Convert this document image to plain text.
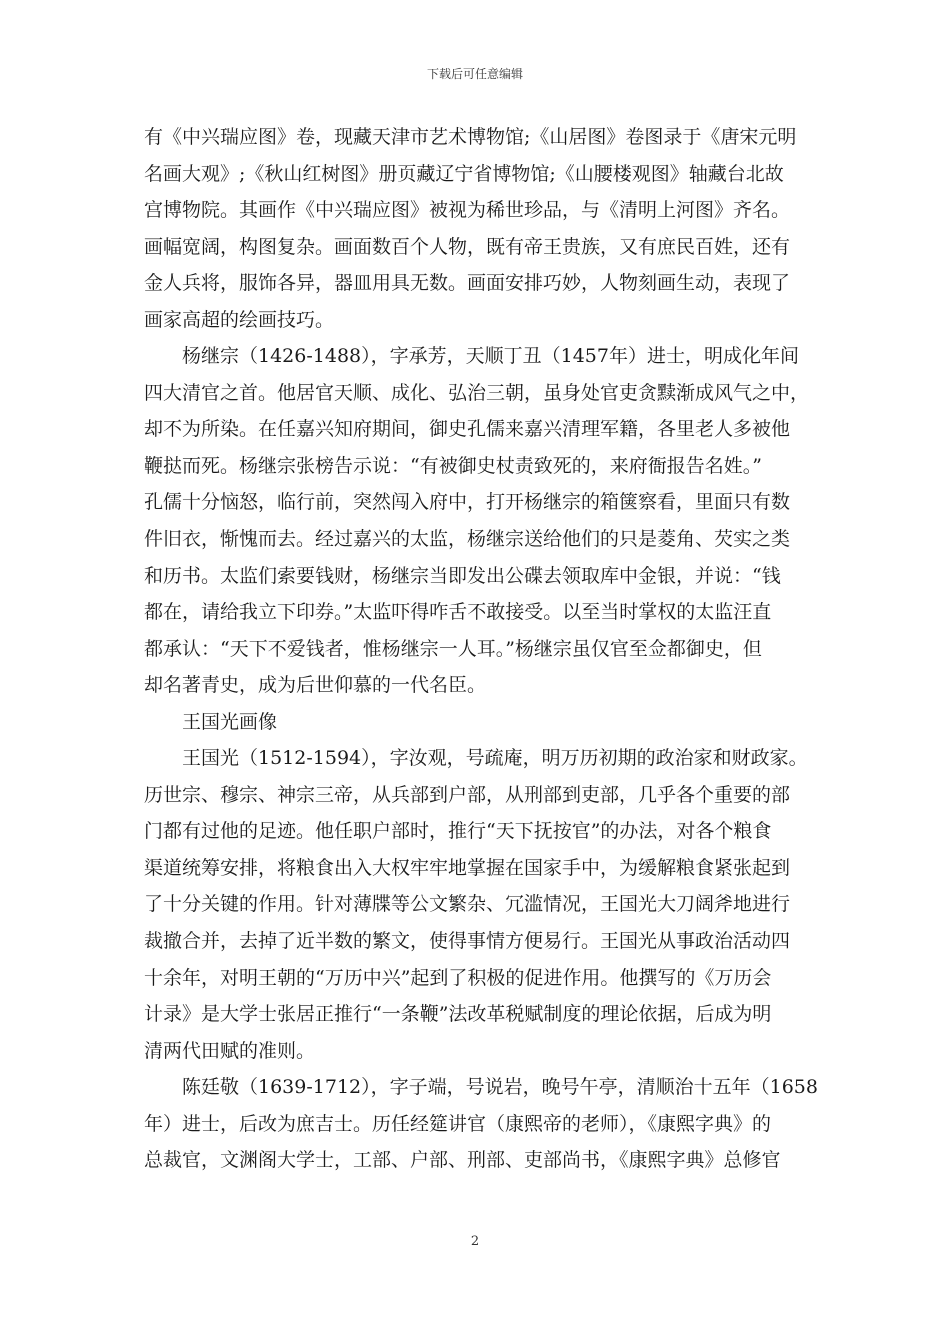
下载后可任意编辑
有《中兴瑞应图》卷，现藏天津市艺术博物馆;《山居图》卷图录于《唐宋元明
名画大观》;《秋山红树图》册页藏辽宁省博物馆;《山腰楼观图》轴藏台北故
宫博物院。其画作《中兴瑞应图》被视为稀世珍品，与《清明上河图》齐名。
画幅宽阔，构图复杂。画面数百个人物，既有帝王贵族，又有庶民百姓，还有
金人兵将，服饰各异，器皿用具无数。画面安排巧妙，人物刻画生动，表现了
画家高超的绘画技巧。
杨继宗（1426-1488），字承芳，天顺丁丑（1457年）进士，明成化年间
四大清官之首。他居官天顺、成化、弘治三朝，虽身处官吏贪黩渐成风气之中，
却不为所染。在任嘉兴知府期间，御史孔儒来嘉兴清理军籍，各里老人多被他
鞭挞而死。杨继宗张榜告示说：“有被御史杖责致死的，来府衙报告名姓。”
孔儒十分恼怒，临行前，突然闯入府中，打开杨继宗的箱箧察看，里面只有数
件旧衣，惭愧而去。经过嘉兴的太监，杨继宗送给他们的只是菱角、芡实之类
和历书。太监们索要钱财，杨继宗当即发出公碟去领取库中金银，并说：“钱
都在，请给我立下印券。”太监吓得咋舌不敢接受。以至当时掌权的太监汪直
都承认：“天下不爱钱者，惟杨继宗一人耳。”杨继宗虽仅官至佥都御史，但
却名著青史，成为后世仰慕的一代名臣。
王国光画像
王国光（1512-1594），字汝观，号疏庵，明万历初期的政治家和财政家。
历世宗、穆宗、神宗三帝，从兵部到户部，从刑部到吏部，几乎各个重要的部
门都有过他的足迹。他任职户部时，推行“天下抚按官”的办法，对各个粮食
渠道统筹安排，将粮食出入大权牢牢地掌握在国家手中，为缓解粮食紧张起到
了十分关键的作用。针对薄牒等公文繁杂、冗滥情况，王国光大刀阔斧地进行
裁撤合并，去掉了近半数的繁文，使得事情方便易行。王国光从事政治活动四
十余年，对明王朝的“万历中兴”起到了积极的促进作用。他撰写的《万历会
计录》是大学士张居正推行“一条鞭”法改革税赋制度的理论依据，后成为明
清两代田赋的准则。
陈廷敬（1639-1712），字子端，号说岩，晚号午亭，清顺治十五年（1658
年）进士，后改为庶吉士。历任经筵讲官（康熙帝的老师），《康熙字典》的
总裁官，文渊阁大学士，工部、户部、刑部、吏部尚书，《康熙字典》总修官
2
